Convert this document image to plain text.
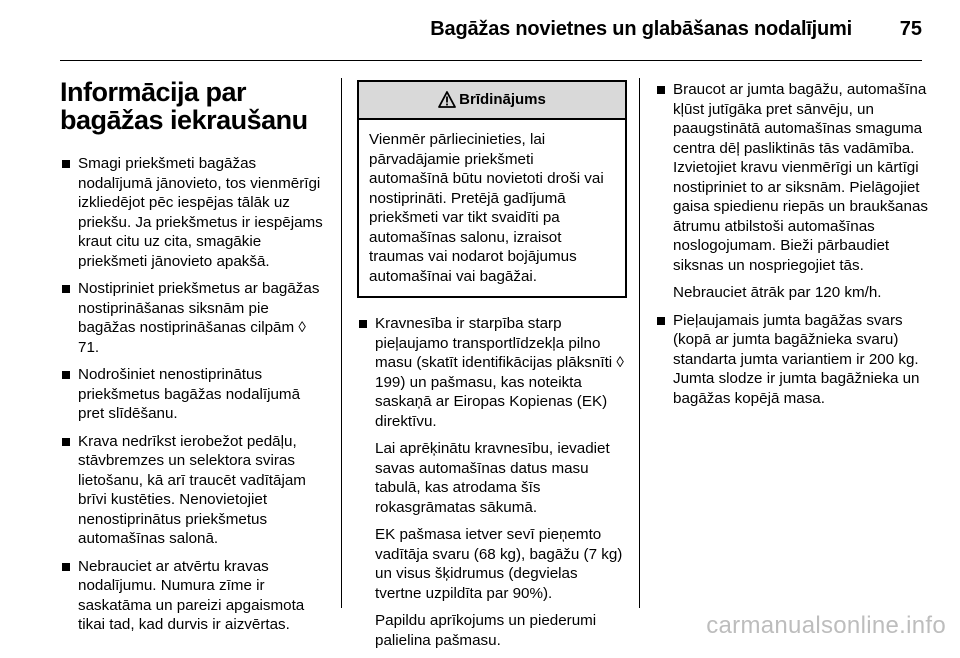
Bagāžas novietnes un glabāšanas nodalījumi 75
Informācija par bagāžas iekraušanu
Smagi priekšmeti bagāžas nodalījumā jānovieto, tos vienmērīgi izkliedējot pēc iespējas tālāk uz priekšu. Ja priekšmetus ir iespējams kraut citu uz cita, smagākie priekšmeti jānovieto apakšā.
Nostipriniet priekšmetus ar bagāžas nostiprināšanas siksnām pie bagāžas nostiprināšanas cilpām ◊ 71.
Nodrošiniet nenostiprinātus priekšmetus bagāžas nodalījumā pret slīdēšanu.
Krava nedrīkst ierobežot pedāļu, stāvbremzes un selektora sviras lietošanu, kā arī traucēt vadītājam brīvi kustēties. Nenovietojiet nenostiprinātus priekšmetus automašīnas salonā.
Nebrauciet ar atvērtu kravas nodalījumu. Numura zīme ir saskatāma un pareizi apgaismota tikai tad, kad durvis ir aizvērtas.
Brīdinājums
Vienmēr pārliecinieties, lai pārvadājamie priekšmeti automašīnā būtu novietoti droši vai nostiprināti. Pretējā gadījumā priekšmeti var tikt svaidīti pa automašīnas salonu, izraisot traumas vai nodarot bojājumus automašīnai vai bagāžai.
Kravnesība ir starpība starp pieļaujamo transportlīdzekļa pilno masu (skatīt identifikācijas plāksnīti ◊ 199) un pašmasu, kas noteikta saskaņā ar Eiropas Kopienas (EK) direktīvu.
Lai aprēķinātu kravnesību, ievadiet savas automašīnas datus masu tabulā, kas atrodama šīs rokasgrāmatas sākumā.
EK pašmasa ietver sevī pieņemto vadītāja svaru (68 kg), bagāžu (7 kg) un visus šķidrumus (degvielas tvertne uzpildīta par 90%).
Papildu aprīkojums un piederumi palielina pašmasu.
Braucot ar jumta bagāžu, automašīna kļūst jutīgāka pret sānvēju, un paaugstinātā automašīnas smaguma centra dēļ pasliktinās tās vadāmība. Izvietojiet kravu vienmērīgi un kārtīgi nostipriniet to ar siksnām. Pielāgojiet gaisa spiedienu riepās un braukšanas ātrumu atbilstoši automašīnas noslogojumam. Bieži pārbaudiet siksnas un nospriegojiet tās.
Nebrauciet ātrāk par 120 km/h.
Pieļaujamais jumta bagāžas svars (kopā ar jumta bagāžnieka svaru) standarta jumta variantiem ir 200 kg. Jumta slodze ir jumta bagāžnieka un bagāžas kopējā masa.
carmanualsonline.info
